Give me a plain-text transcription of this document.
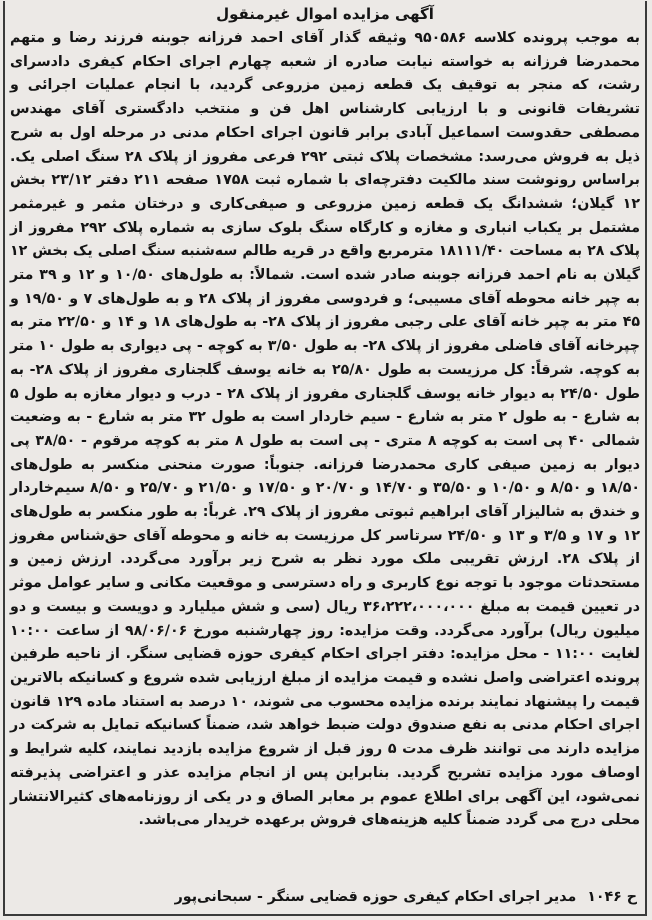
آگهی مزایده اموال غیرمنقول
به موجب پرونده کلاسه ۹۵۰۵۸۶ وثیقه گذار آقای احمد فرزانه جوبنه فرزند رضا و متهم محمدرضا فرزانه به خواسته نیابت صادره از شعبه چهارم اجرای احکام کیفری دادسرای رشت، که منجر به توقیف یک قطعه زمین مزروعی گردید، با انجام عملیات اجرائی و تشریفات قانونی و با ارزیابی کارشناس اهل فن و منتخب دادگستری آقای مهندس مصطفی حقدوست اسماعیل آبادی برابر قانون اجرای احکام مدنی در مرحله اول به شرح ذیل به فروش می‌رسد: مشخصات پلاک ثبتی ۲۹۲ فرعی مفروز از پلاک ۲۸ سنگ اصلی یک. براساس رونوشت سند مالکیت دفترچه‌ای با شماره ثبت ۱۷۵۸ صفحه ۲۱۱ دفتر ۲۳/۱۲ بخش ۱۲ گیلان؛ ششدانگ یک قطعه زمین مزروعی و صیفی‌کاری و درختان مثمر و غیرمثمر مشتمل بر یکباب انباری و مغازه و کارگاه سنگ بلوک سازی به شماره پلاک ۲۹۲ مفروز از پلاک ۲۸ به مساحت ۱۸۱۱۱/۴۰ مترمربع واقع در قریه طالم سه‌شنبه سنگ اصلی یک بخش ۱۲ گیلان به نام احمد فرزانه جوبنه صادر شده است. شمالاً: به طول‌های ۱۰/۵۰ و ۱۲ و ۳۹ متر به چپر خانه محوطه آقای مسیبی؛ و فردوسی مفروز از پلاک ۲۸ و به طول‌های ۷ و ۱۹/۵۰ و ۴۵ متر به چپر خانه آقای علی رجبی مفروز از پلاک ۲۸- به طول‌های ۱۸ و ۱۴ و ۲۲/۵۰ متر به چپرخانه آقای فاضلی مفروز از پلاک ۲۸- به طول ۳/۵۰ به کوچه - پی دیواری به طول ۱۰ متر به کوچه. شرقاً: کل مرزیست به طول ۲۵/۸۰ به خانه یوسف گلجناری مفروز از پلاک ۲۸- به طول ۲۴/۵۰ به دیوار خانه یوسف گلجناری مفروز از پلاک ۲۸ - درب و دیوار مغازه به طول ۵ به شارع - به طول ۲ متر به شارع - سیم خاردار است به طول ۳۲ متر به شارع - به وضعیت شمالی ۴۰ پی است به کوچه ۸ متری - پی است به طول ۸ متر به کوچه مرقوم - ۳۸/۵۰ پی دیوار به زمین صیفی کاری محمدرضا فرزانه. جنوباً: صورت منحنی منکسر به طول‌های ۱۸/۵۰ و ۸/۵۰ و ۱۰/۵۰ و ۳۵/۵۰ و ۱۴/۷۰ و ۲۰/۷۰ و ۱۷/۵۰ و ۲۱/۵۰ و ۲۵/۷۰ و ۸/۵۰ سیم‌خاردار و خندق به شالیزار آقای ابراهیم ثبوتی مفروز از پلاک ۲۹. غرباً: به طور منکسر به طول‌های ۱۲ و ۱۷ و ۳/۵ و ۱۳ و ۲۴/۵۰ سرتاسر کل مرزیست به خانه و محوطه آقای حق‌شناس مفروز از پلاک ۲۸. ارزش تقریبی ملک مورد نظر به شرح زیر برآورد می‌گردد. ارزش زمین و مستحدثات موجود با توجه نوع کاربری و راه دسترسی و موقعیت مکانی و سایر عوامل موثر در تعیین قیمت به مبلغ ۳۶،۲۲۲،۰۰۰،۰۰۰ ریال (سی و شش میلیارد و دویست و بیست و دو میلیون ریال) برآورد می‌گردد. وقت مزایده: روز چهارشنبه مورخ ۹۸/۰۶/۰۶ از ساعت ۱۰:۰۰ لغایت ۱۱:۰۰ - محل مزایده: دفتر اجرای احکام کیفری حوزه قضایی سنگر. از ناحیه طرفین پرونده اعتراضی واصل نشده و قیمت مزایده از مبلغ ارزیابی شده شروع و کسانیکه بالاترین قیمت را پیشنهاد نمایند برنده مزایده محسوب می شوند، ۱۰ درصد به استناد ماده ۱۲۹ قانون اجرای احکام مدنی به نفع صندوق دولت ضبط خواهد شد، ضمناً کسانیکه تمایل به شرکت در مزایده دارند می توانند ظرف مدت ۵ روز قبل از شروع مزایده بازدید نمایند، کلیه شرایط و اوصاف مورد مزایده تشریح گردید. بنابراین پس از انجام مزایده عذر و اعتراضی پذیرفته نمی‌شود، این آگهی برای اطلاع عموم بر معابر الصاق و در یکی از روزنامه‌های کثیرالانتشار محلی درج می گردد ضمناً کلیه هزینه‌های فروش برعهده خریدار می‌باشد.
ح ۱۰۴۶ مدیر اجرای احکام کیفری حوزه قضایی سنگر - سبحانی‌پور
